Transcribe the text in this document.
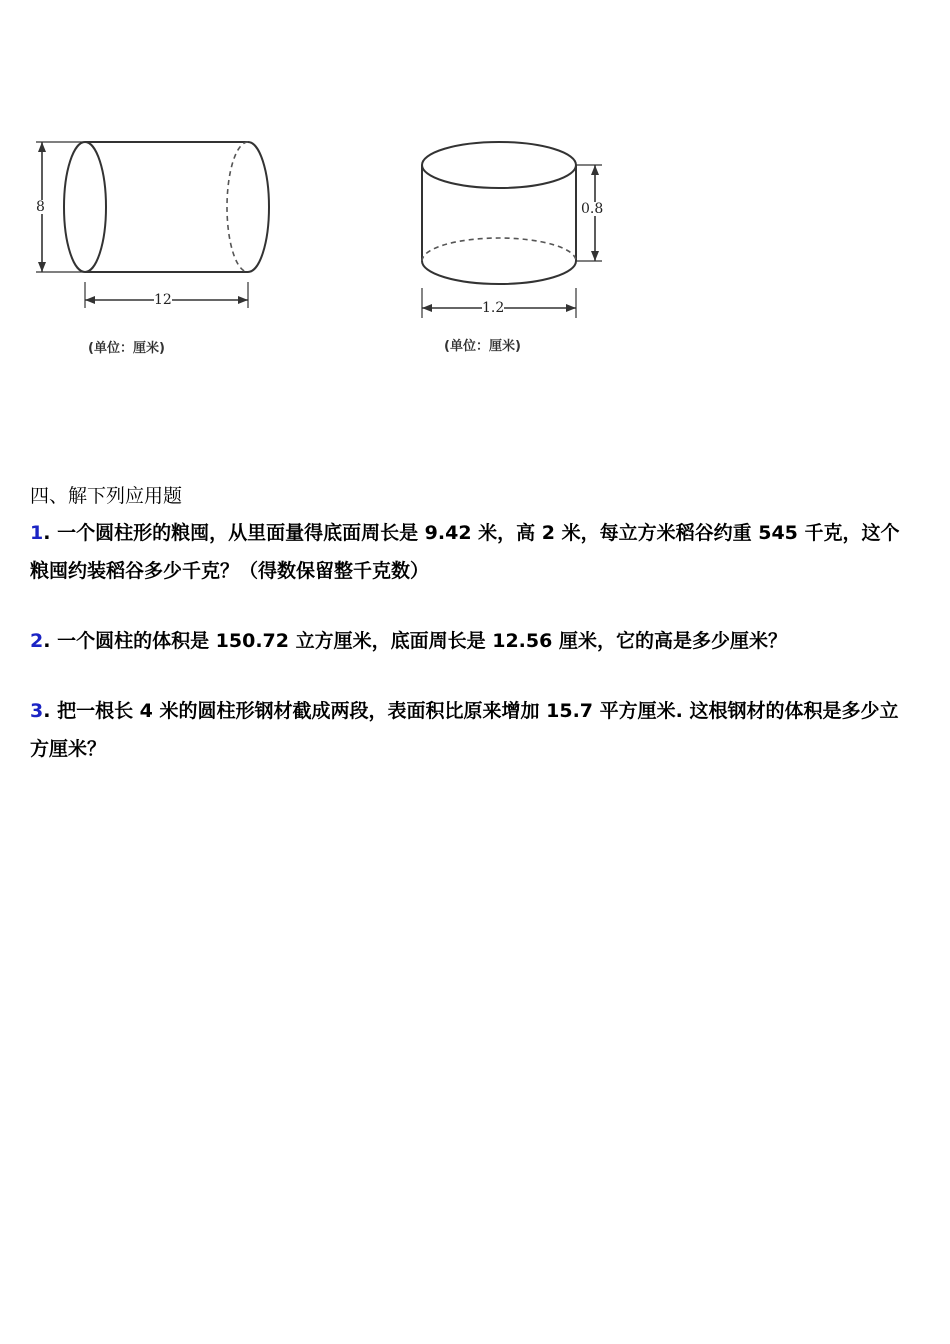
8
12
(单位：厘米)
0.8
1.2
(单位：厘米)
四、解下列应用题

1. 一个圆柱形的粮囤，从里面量得底面周长是 9.42 米，高 2 米，每立方米稻谷约重 545 千克，这个粮囤约装稻谷多少千克？（得数保留整千克数）

2. 一个圆柱的体积是 150.72 立方厘米，底面周长是 12.56 厘米，它的高是多少厘米？

3. 把一根长 4 米的圆柱形钢材截成两段，表面积比原来增加 15.7 平方厘米. 这根钢材的体积是多少立方厘米？
